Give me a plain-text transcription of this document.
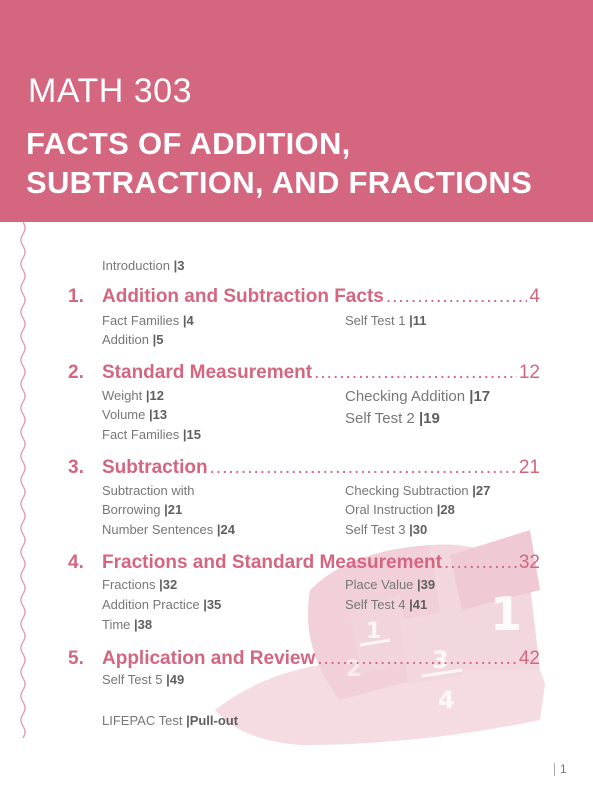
MATH 303
FACTS OF ADDITION,
SUBTRACTION, AND FRACTIONS
1
1
2	3
4
Introduction |3
1. Addition and Subtraction Facts .....	4
Fact Families |4
Addition |5
Self Test 1 |11
2. Standard Measurement .....	12
Weight |12
Volume |13
Fact Families |15
Checking Addition |17
Self Test 2 |19
3. Subtraction .....	21
Subtraction with
Borrowing |21
Number Sentences |24
Checking Subtraction |27
Oral Instruction |28
Self Test 3 |30
4. Fractions and Standard Measurement .....	32
Fractions |32
Addition Practice |35
Time |38
Place Value |39
Self Test 4 |41
5. Application and Review .....	42
Self Test 5 |49
LIFEPAC Test |Pull-out
1
